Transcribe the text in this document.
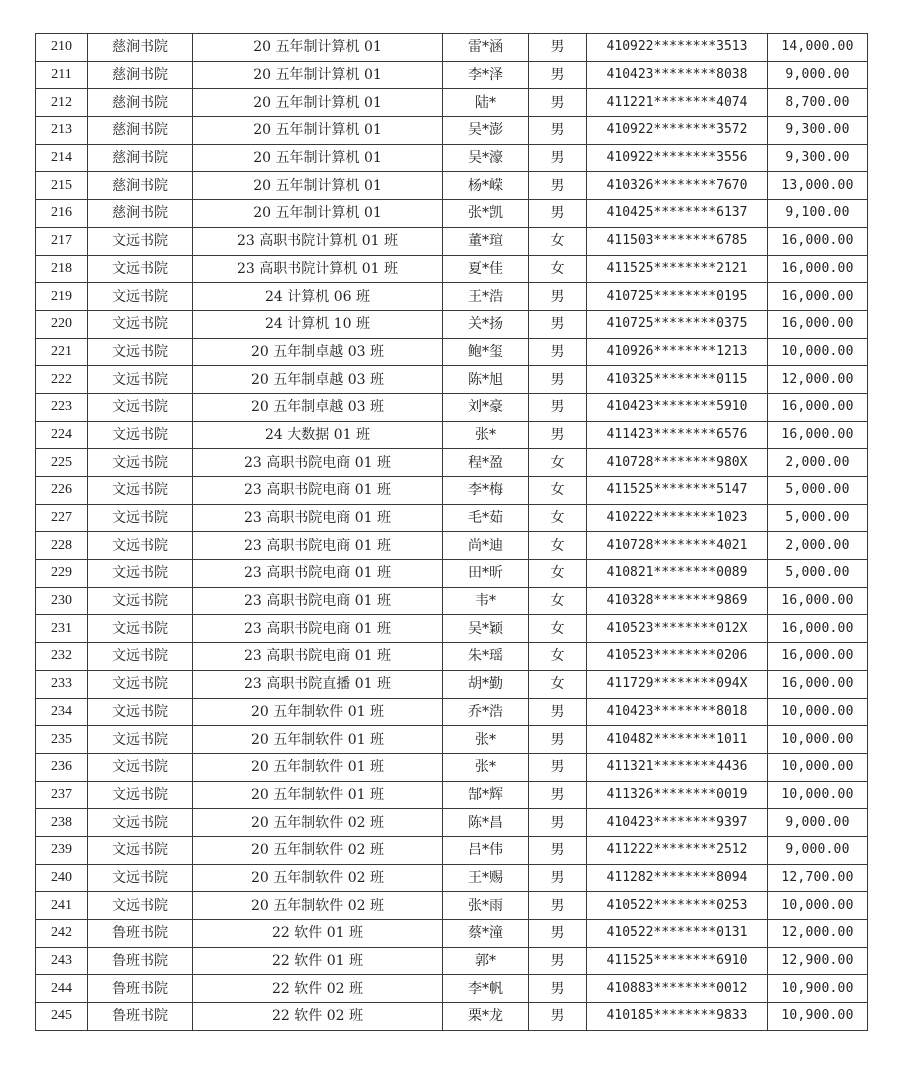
210	慈涧书院	20 五年制计算机 01	雷*涵	男	410922********3513	14,000.00
211	慈涧书院	20 五年制计算机 01	李*泽	男	410423********8038	9,000.00
212	慈涧书院	20 五年制计算机 01	陆*	男	411221********4074	8,700.00
213	慈涧书院	20 五年制计算机 01	吴*澎	男	410922********3572	9,300.00
214	慈涧书院	20 五年制计算机 01	吴*濠	男	410922********3556	9,300.00
215	慈涧书院	20 五年制计算机 01	杨*嵘	男	410326********7670	13,000.00
216	慈涧书院	20 五年制计算机 01	张*凯	男	410425********6137	9,100.00
217	文远书院	23 高职书院计算机 01 班	董*瑄	女	411503********6785	16,000.00
218	文远书院	23 高职书院计算机 01 班	夏*佳	女	411525********2121	16,000.00
219	文远书院	24 计算机 06 班	王*浩	男	410725********0195	16,000.00
220	文远书院	24 计算机 10 班	关*扬	男	410725********0375	16,000.00
221	文远书院	20 五年制卓越 03 班	鲍*玺	男	410926********1213	10,000.00
222	文远书院	20 五年制卓越 03 班	陈*旭	男	410325********0115	12,000.00
223	文远书院	20 五年制卓越 03 班	刘*豪	男	410423********5910	16,000.00
224	文远书院	24 大数据 01 班	张*	男	411423********6576	16,000.00
225	文远书院	23 高职书院电商 01 班	程*盈	女	410728********980X	2,000.00
226	文远书院	23 高职书院电商 01 班	李*梅	女	411525********5147	5,000.00
227	文远书院	23 高职书院电商 01 班	毛*茹	女	410222********1023	5,000.00
228	文远书院	23 高职书院电商 01 班	尚*迪	女	410728********4021	2,000.00
229	文远书院	23 高职书院电商 01 班	田*昕	女	410821********0089	5,000.00
230	文远书院	23 高职书院电商 01 班	韦*	女	410328********9869	16,000.00
231	文远书院	23 高职书院电商 01 班	吴*颖	女	410523********012X	16,000.00
232	文远书院	23 高职书院电商 01 班	朱*瑶	女	410523********0206	16,000.00
233	文远书院	23 高职书院直播 01 班	胡*勤	女	411729********094X	16,000.00
234	文远书院	20 五年制软件 01 班	乔*浩	男	410423********8018	10,000.00
235	文远书院	20 五年制软件 01 班	张*	男	410482********1011	10,000.00
236	文远书院	20 五年制软件 01 班	张*	男	411321********4436	10,000.00
237	文远书院	20 五年制软件 01 班	郜*辉	男	411326********0019	10,000.00
238	文远书院	20 五年制软件 02 班	陈*昌	男	410423********9397	9,000.00
239	文远书院	20 五年制软件 02 班	吕*伟	男	411222********2512	9,000.00
240	文远书院	20 五年制软件 02 班	王*赐	男	411282********8094	12,700.00
241	文远书院	20 五年制软件 02 班	张*雨	男	410522********0253	10,000.00
242	鲁班书院	22 软件 01 班	蔡*潼	男	410522********0131	12,000.00
243	鲁班书院	22 软件 01 班	郭*	男	411525********6910	12,900.00
244	鲁班书院	22 软件 02 班	李*帆	男	410883********0012	10,900.00
245	鲁班书院	22 软件 02 班	栗*龙	男	410185********9833	10,900.00
